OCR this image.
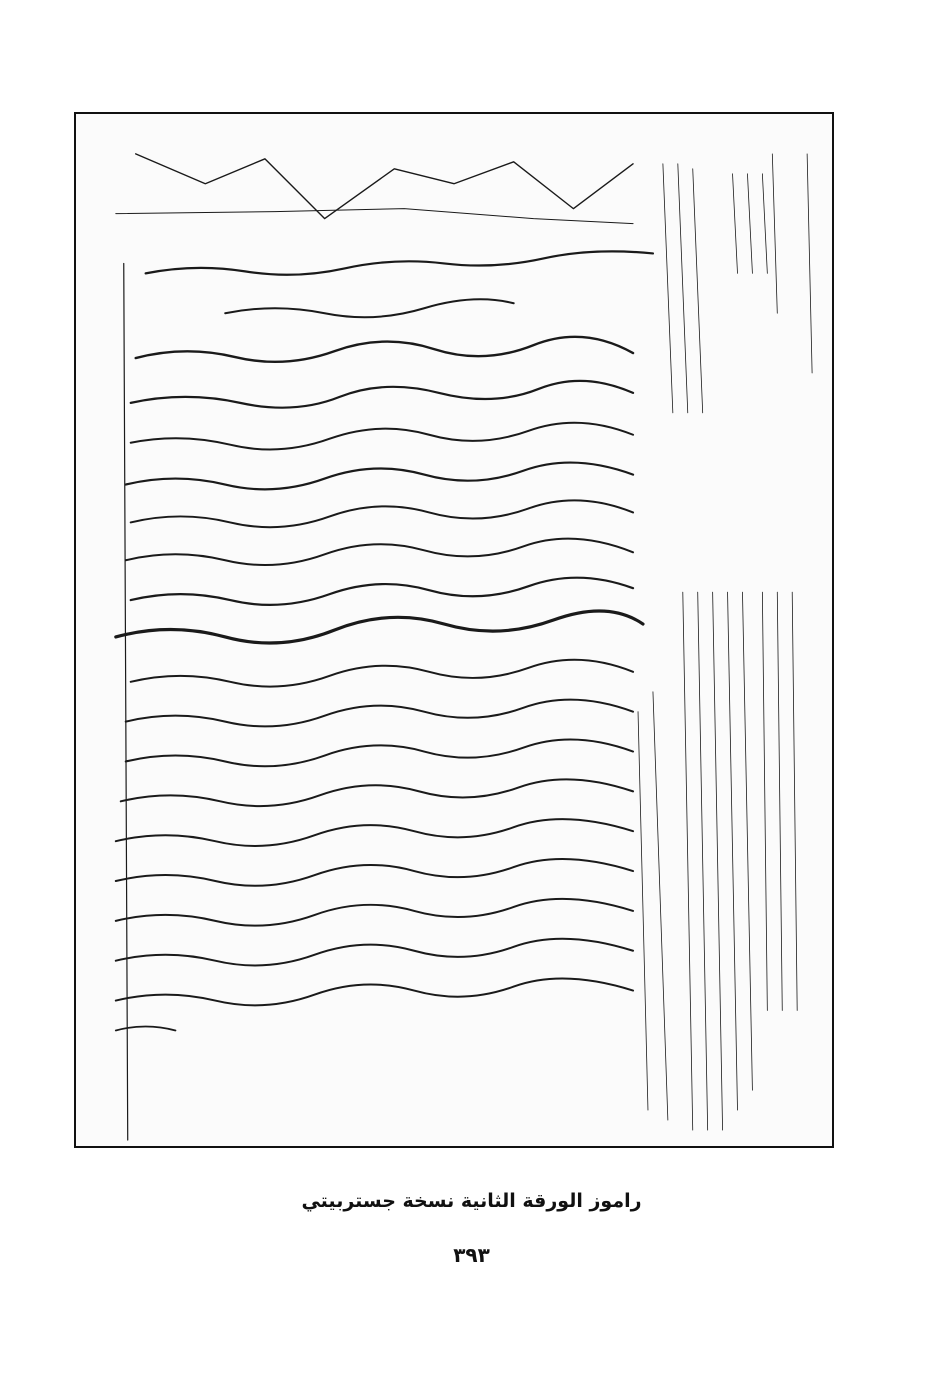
راموز الورقة الثانية نسخة جستربيتي
٣٩٣
